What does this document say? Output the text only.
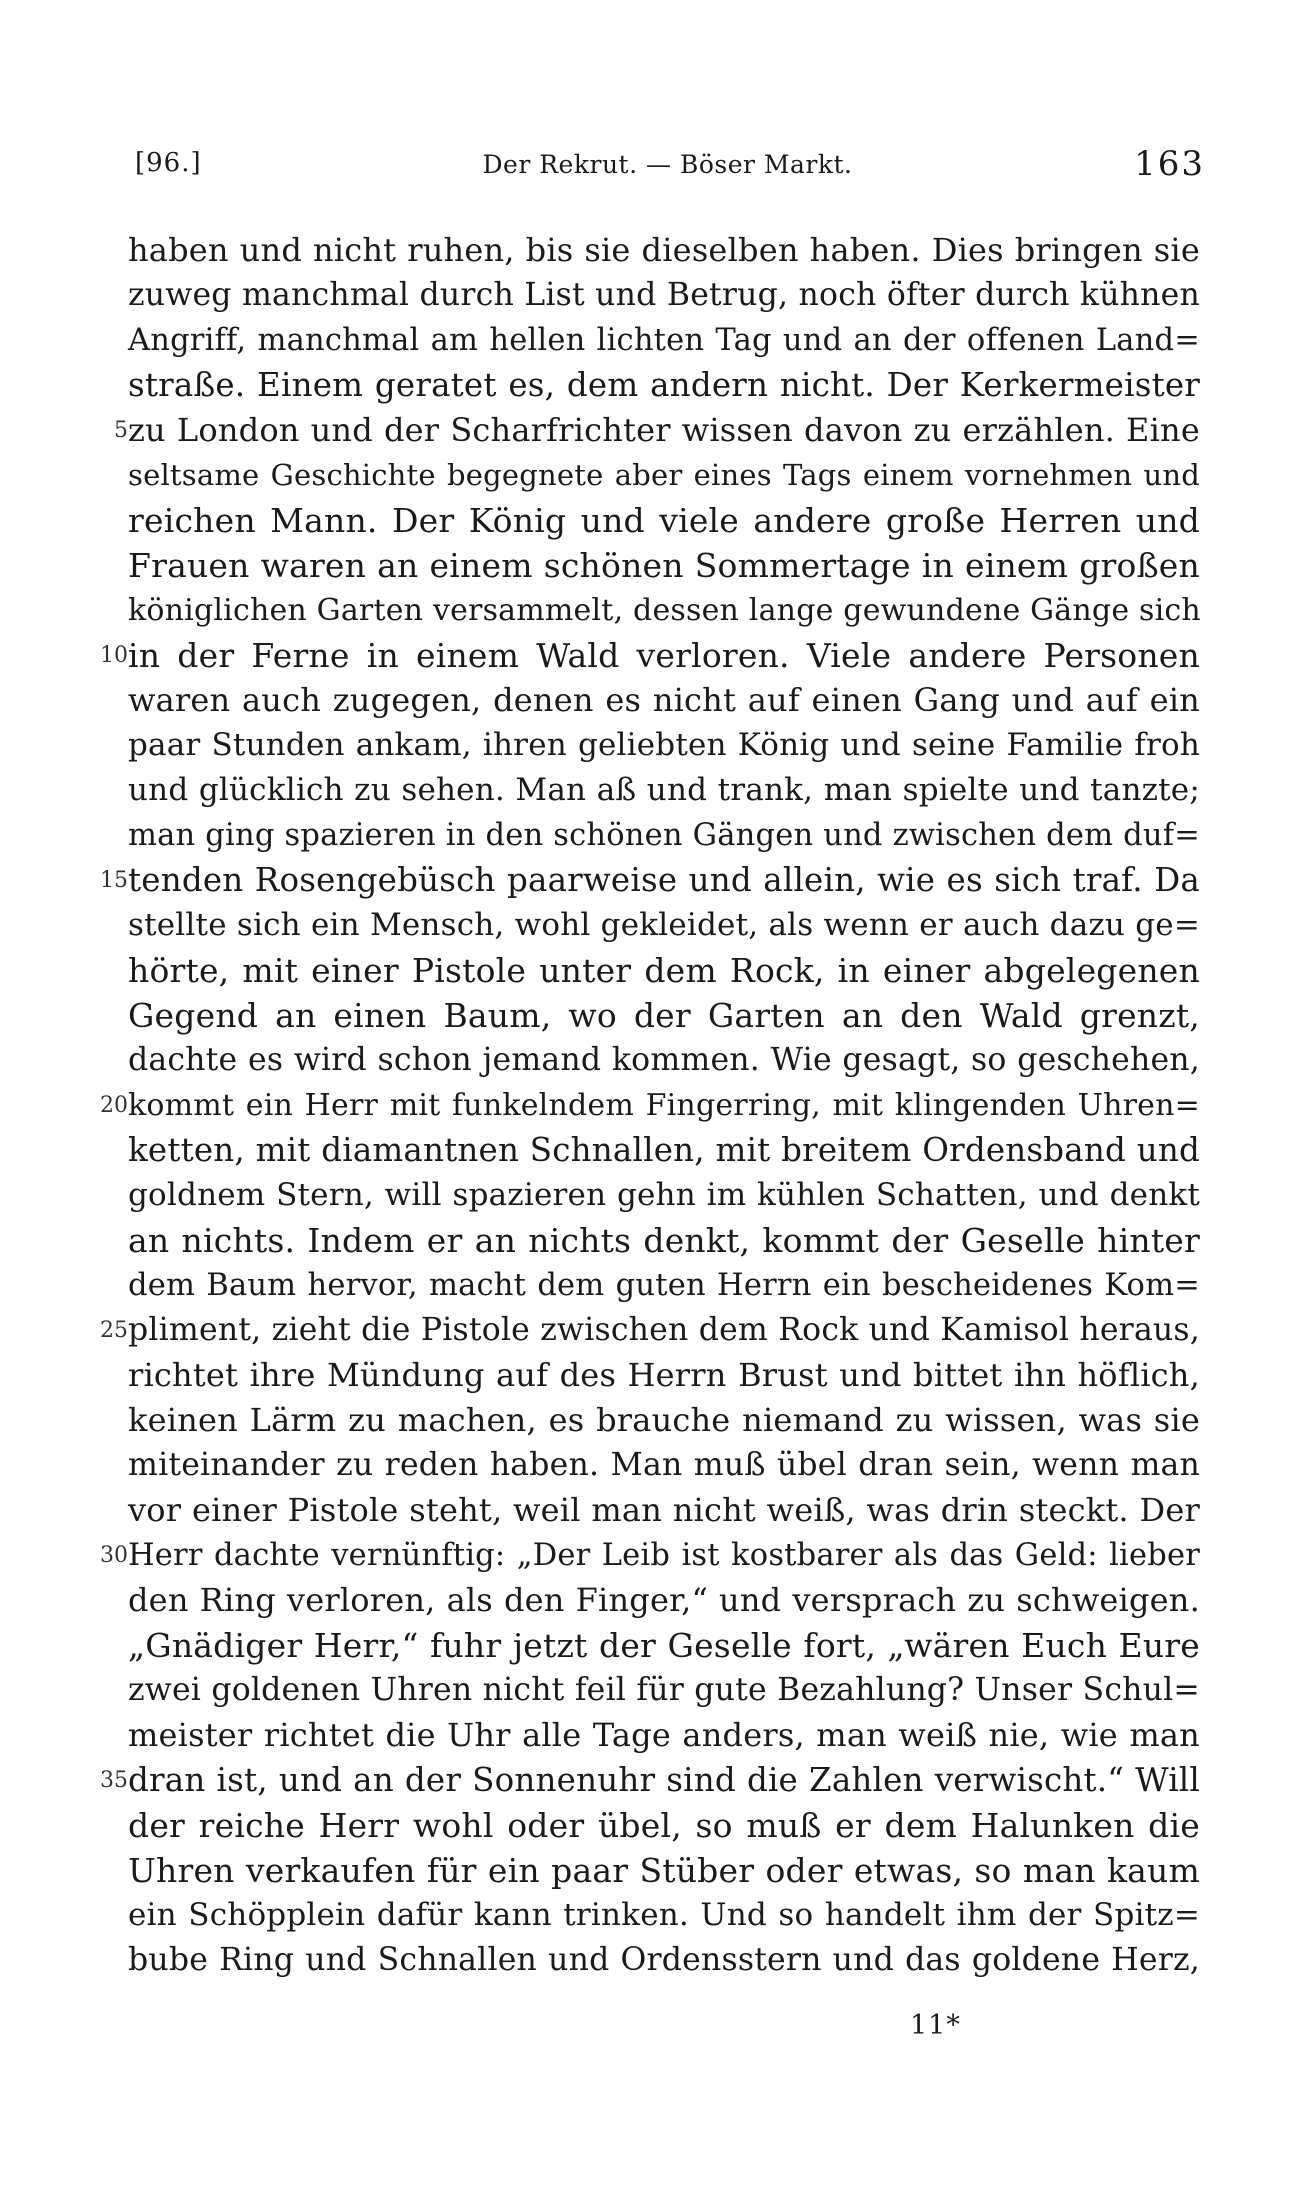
[96.]	Der Rekrut. — Böser Markt.	163
haben und nicht ruhen, bis sie dieselben haben. Dies bringen sie
zuweg manchmal durch List und Betrug, noch öfter durch kühnen
Angriff, manchmal am hellen lichten Tag und an der offenen Land=
straße. Einem geratet es, dem andern nicht. Der Kerkermeister
5 zu London und der Scharfrichter wissen davon zu erzählen. Eine
seltsame Geschichte begegnete aber eines Tags einem vornehmen und
reichen Mann. Der König und viele andere große Herren und
Frauen waren an einem schönen Sommertage in einem großen
königlichen Garten versammelt, dessen lange gewundene Gänge sich
10 in der Ferne in einem Wald verloren. Viele andere Personen
waren auch zugegen, denen es nicht auf einen Gang und auf ein
paar Stunden ankam, ihren geliebten König und seine Familie froh
und glücklich zu sehen. Man aß und trank, man spielte und tanzte;
man ging spazieren in den schönen Gängen und zwischen dem duf=
15 tenden Rosengebüsch paarweise und allein, wie es sich traf. Da
stellte sich ein Mensch, wohl gekleidet, als wenn er auch dazu ge=
hörte, mit einer Pistole unter dem Rock, in einer abgelegenen
Gegend an einen Baum, wo der Garten an den Wald grenzt,
dachte es wird schon jemand kommen. Wie gesagt, so geschehen,
20 kommt ein Herr mit funkelndem Fingerring, mit klingenden Uhren=
ketten, mit diamantnen Schnallen, mit breitem Ordensband und
goldnem Stern, will spazieren gehn im kühlen Schatten, und denkt
an nichts. Indem er an nichts denkt, kommt der Geselle hinter
dem Baum hervor, macht dem guten Herrn ein bescheidenes Kom=
25 pliment, zieht die Pistole zwischen dem Rock und Kamisol heraus,
richtet ihre Mündung auf des Herrn Brust und bittet ihn höflich,
keinen Lärm zu machen, es brauche niemand zu wissen, was sie
miteinander zu reden haben. Man muß übel dran sein, wenn man
vor einer Pistole steht, weil man nicht weiß, was drin steckt. Der
30 Herr dachte vernünftig: „Der Leib ist kostbarer als das Geld: lieber
den Ring verloren, als den Finger,“ und versprach zu schweigen.
„Gnädiger Herr,“ fuhr jetzt der Geselle fort, „wären Euch Eure
zwei goldenen Uhren nicht feil für gute Bezahlung? Unser Schul=
meister richtet die Uhr alle Tage anders, man weiß nie, wie man
35 dran ist, und an der Sonnenuhr sind die Zahlen verwischt.“ Will
der reiche Herr wohl oder übel, so muß er dem Halunken die
Uhren verkaufen für ein paar Stüber oder etwas, so man kaum
ein Schöpplein dafür kann trinken. Und so handelt ihm der Spitz=
bube Ring und Schnallen und Ordensstern und das goldene Herz,
11*
